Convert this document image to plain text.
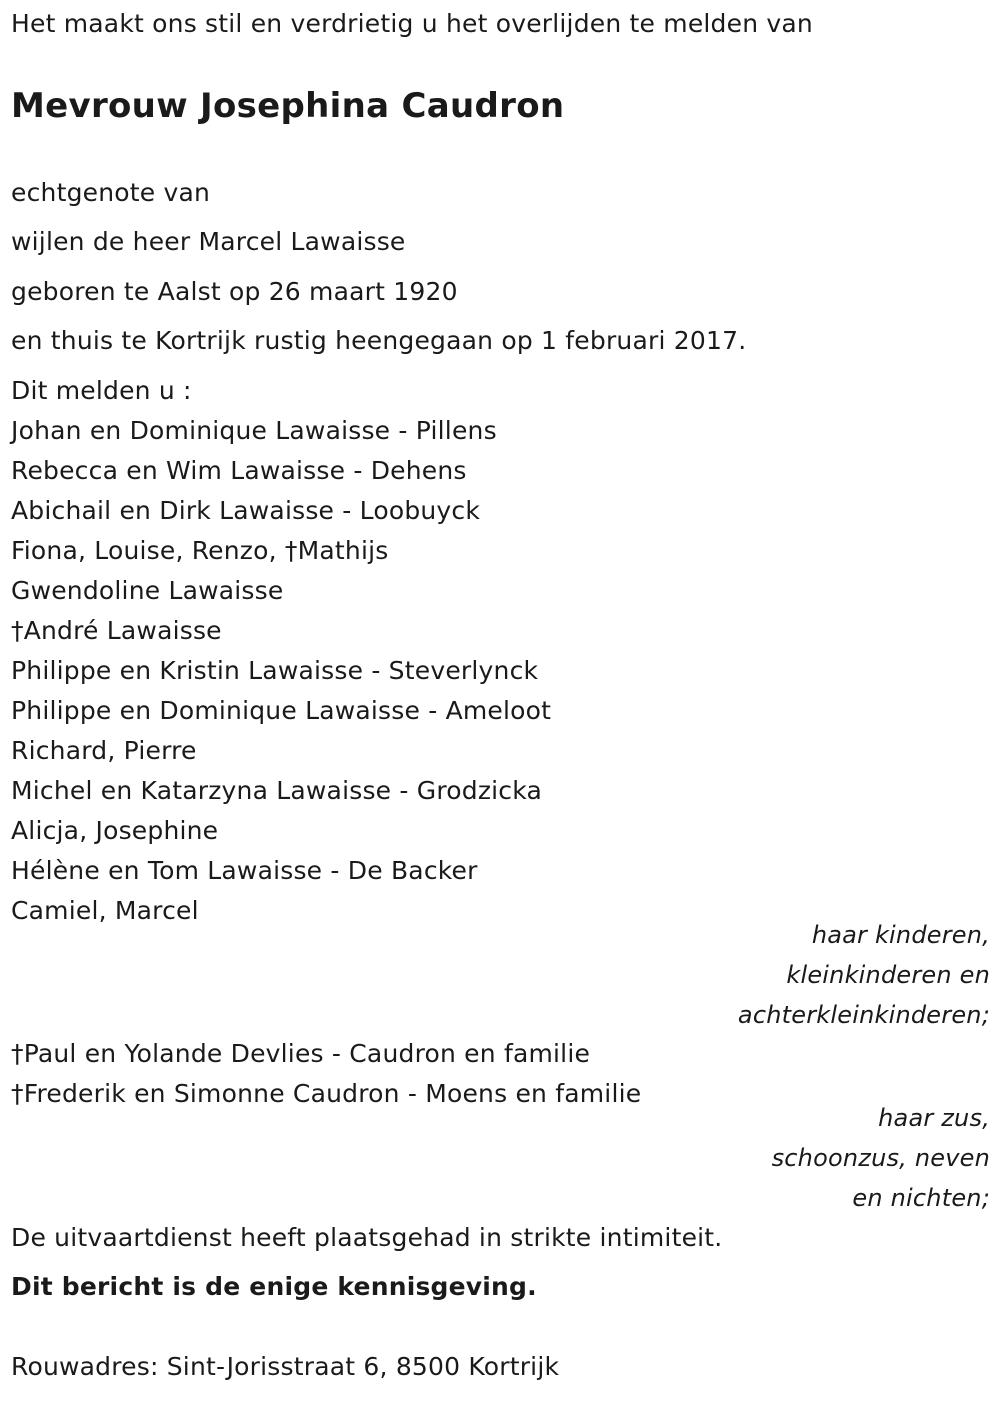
Het maakt ons stil en verdrietig u het overlijden te melden van
Mevrouw Josephina Caudron
echtgenote van
wijlen de heer Marcel Lawaisse
geboren te Aalst op 26 maart 1920
en thuis te Kortrijk rustig heengegaan op 1 februari 2017.
Dit melden u :
Johan en Dominique Lawaisse - Pillens
Rebecca en Wim Lawaisse - Dehens
Abichail en Dirk Lawaisse - Loobuyck
Fiona, Louise, Renzo, †Mathijs
Gwendoline Lawaisse
†André Lawaisse
Philippe en Kristin Lawaisse - Steverlynck
Philippe en Dominique Lawaisse - Ameloot
Richard, Pierre
Michel en Katarzyna Lawaisse - Grodzicka
Alicja, Josephine
Hélène en Tom Lawaisse - De Backer
Camiel, Marcel
haar kinderen,
kleinkinderen en
achterkleinkinderen;
†Paul en Yolande Devlies - Caudron en familie
†Frederik en Simonne Caudron - Moens en familie
haar zus,
schoonzus, neven
en nichten;
De uitvaartdienst heeft plaatsgehad in strikte intimiteit.
Dit bericht is de enige kennisgeving.
Rouwadres: Sint-Jorisstraat 6, 8500 Kortrijk
